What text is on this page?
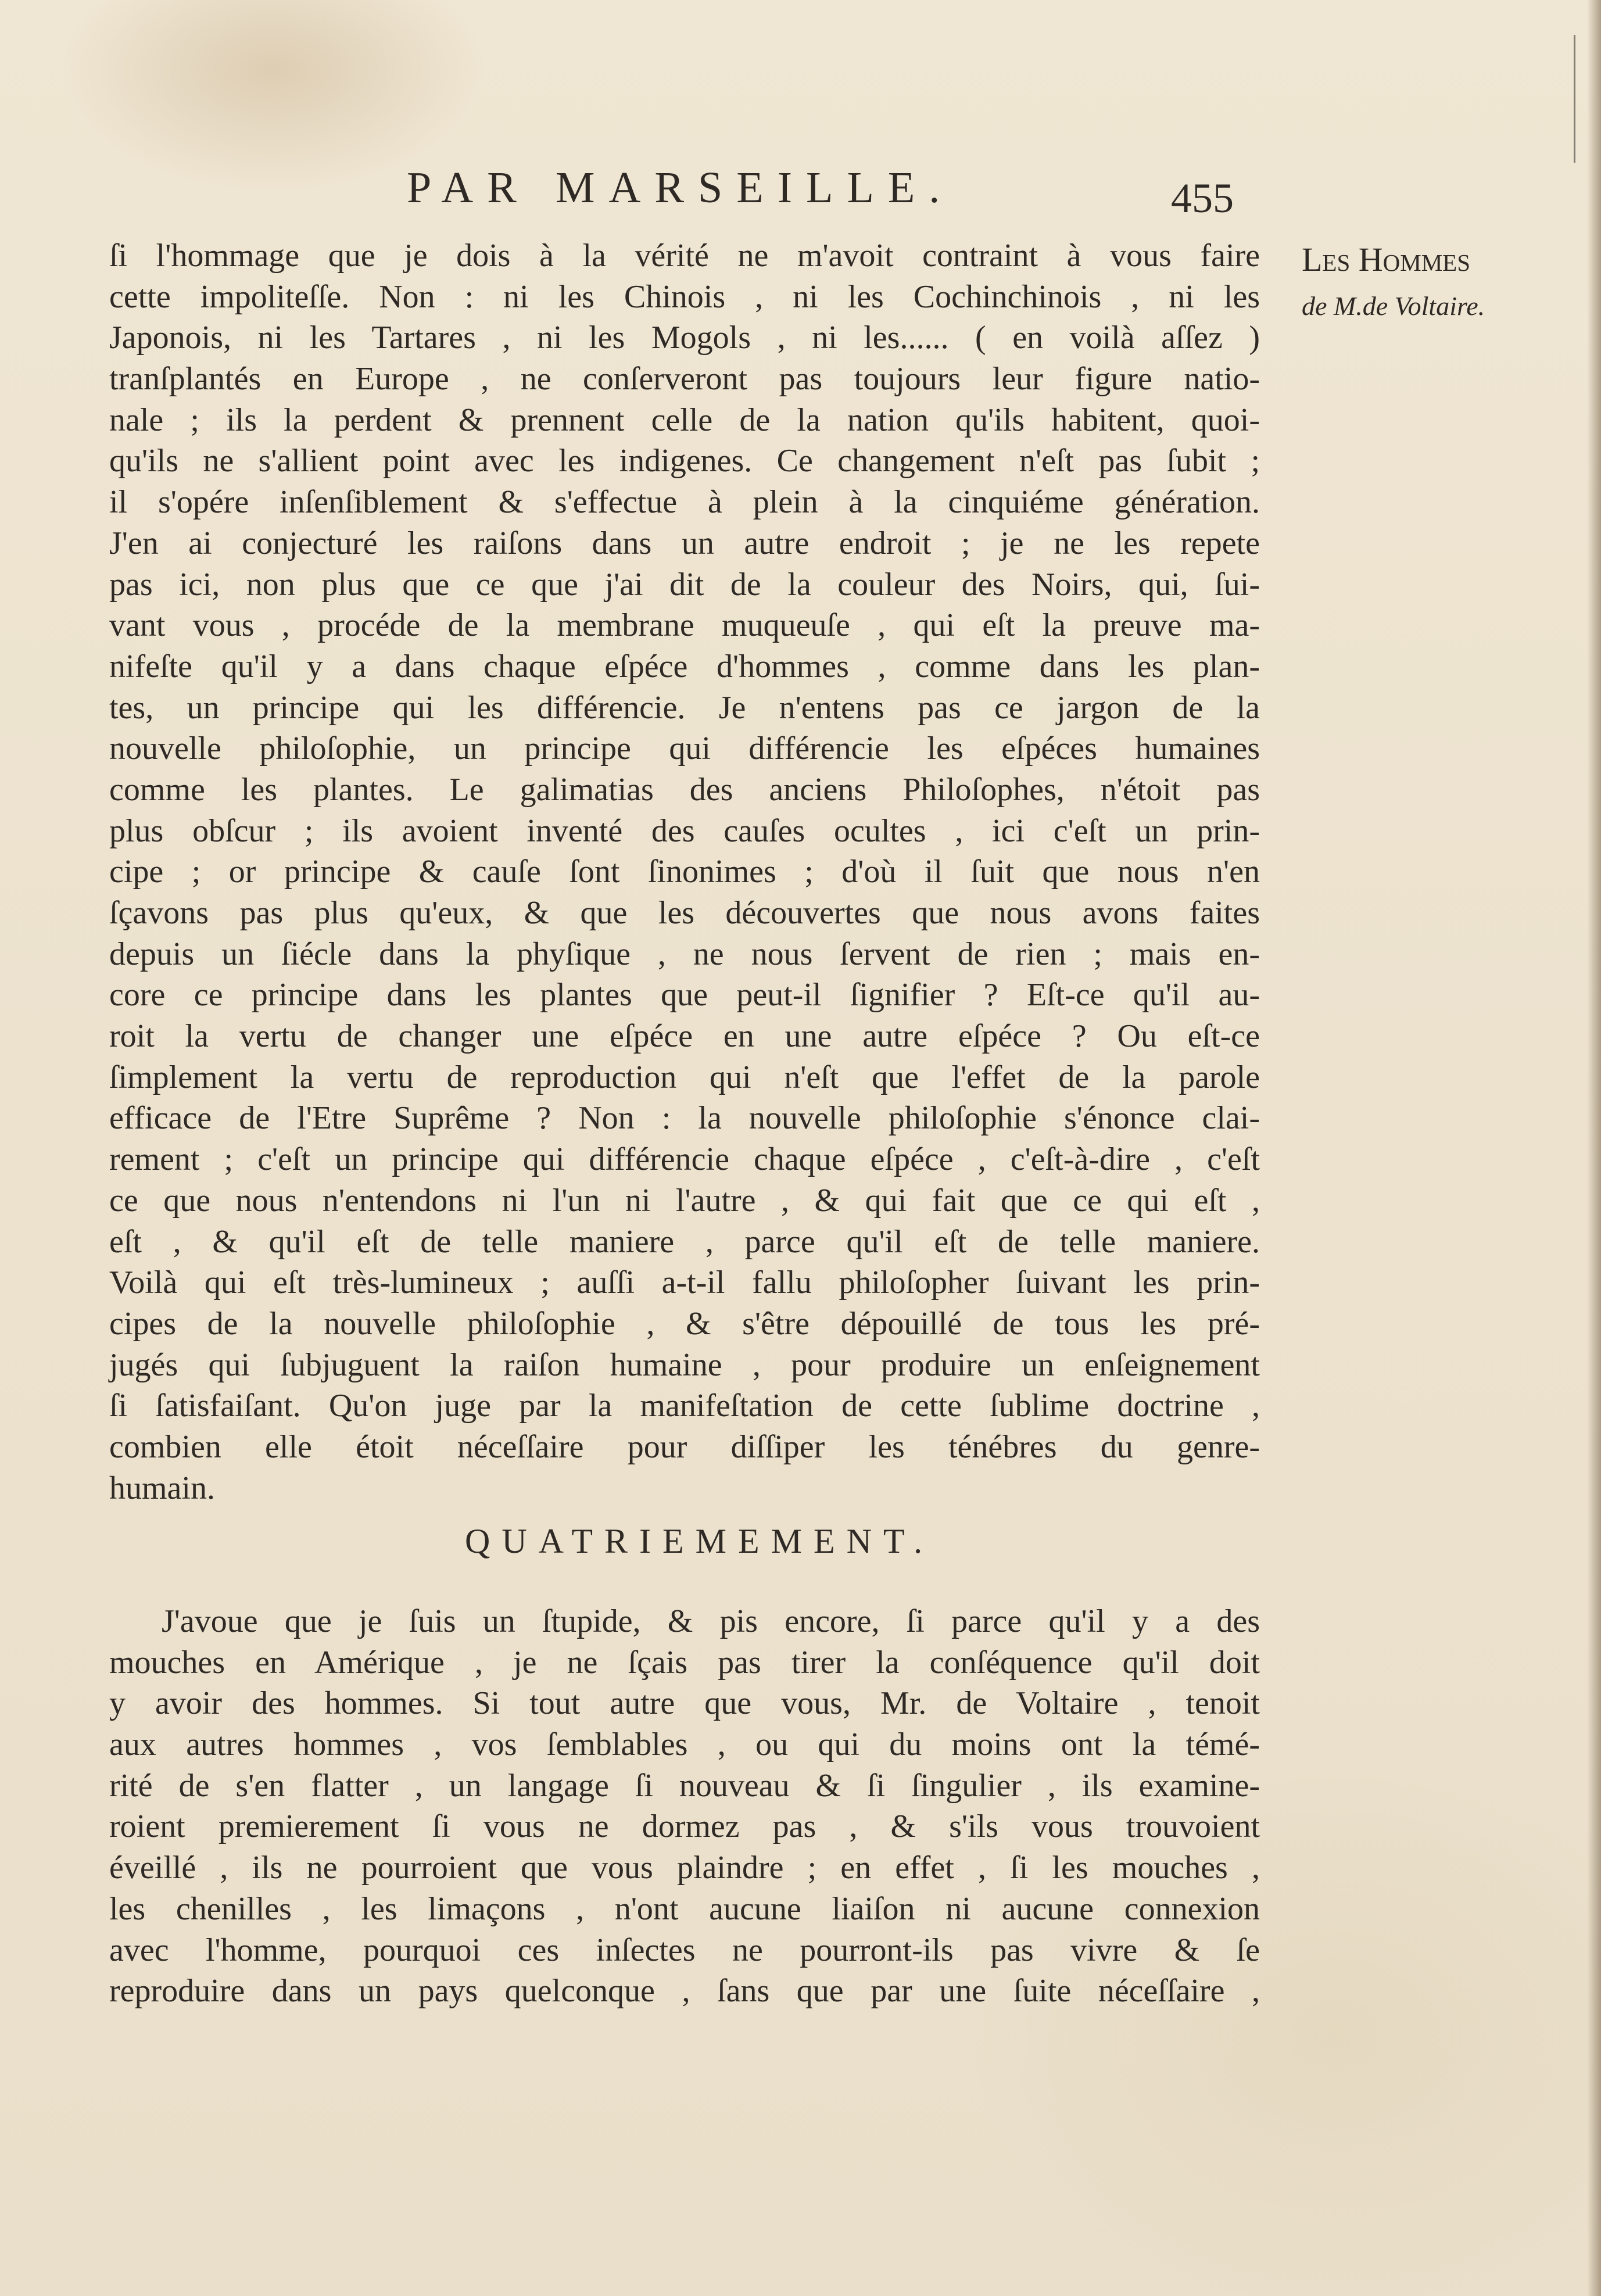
PAR MARSEILLE.	455
Les Hommes
de M.de Voltaire.
ſi l'hommage que je dois à la vérité ne m'avoit contraint à vous faire
cette impoliteſſe. Non : ni les Chinois , ni les Cochinchinois , ni les
Japonois, ni les Tartares , ni les Mogols , ni les...... ( en voilà aſſez )
tranſplantés en Europe , ne conſerveront pas toujours leur figure natio-
nale ; ils la perdent & prennent celle de la nation qu'ils habitent, quoi-
qu'ils ne s'allient point avec les indigenes. Ce changement n'eſt pas ſubit ;
il s'opére inſenſiblement & s'effectue à plein à la cinquiéme génération.
J'en ai conjecturé les raiſons dans un autre endroit ; je ne les repete
pas ici, non plus que ce que j'ai dit de la couleur des Noirs, qui, ſui-
vant vous , procéde de la membrane muqueuſe , qui eſt la preuve ma-
nifeſte qu'il y a dans chaque eſpéce d'hommes , comme dans les plan-
tes, un principe qui les différencie. Je n'entens pas ce jargon de la
nouvelle philoſophie, un principe qui différencie les eſpéces humaines
comme les plantes. Le galimatias des anciens Philoſophes, n'étoit pas
plus obſcur ; ils avoient inventé des cauſes ocultes , ici c'eſt un prin-
cipe ; or principe & cauſe ſont ſinonimes ; d'où il ſuit que nous n'en
ſçavons pas plus qu'eux, & que les découvertes que nous avons faites
depuis un ſiécle dans la phyſique , ne nous ſervent de rien ; mais en-
core ce principe dans les plantes que peut-il ſignifier ? Eſt-ce qu'il au-
roit la vertu de changer une eſpéce en une autre eſpéce ? Ou eſt-ce
ſimplement la vertu de reproduction qui n'eſt que l'effet de la parole
efficace de l'Etre Suprême ? Non : la nouvelle philoſophie s'énonce clai-
rement ; c'eſt un principe qui différencie chaque eſpéce , c'eſt-à-dire , c'eſt
ce que nous n'entendons ni l'un ni l'autre , & qui fait que ce qui eſt ,
eſt , & qu'il eſt de telle maniere , parce qu'il eſt de telle maniere.
Voilà qui eſt très-lumineux ; auſſi a-t-il fallu philoſopher ſuivant les prin-
cipes de la nouvelle philoſophie , & s'être dépouillé de tous les pré-
jugés qui ſubjuguent la raiſon humaine , pour produire un enſeignement
ſi ſatisfaiſant. Qu'on juge par la manifeſtation de cette ſublime doctrine ,
combien elle étoit néceſſaire pour diſſiper les ténébres du genre-
humain.
QUATRIEMEMENT.
J'avoue que je ſuis un ſtupide, & pis encore, ſi parce qu'il y a des
mouches en Amérique , je ne ſçais pas tirer la conſéquence qu'il doit
y avoir des hommes. Si tout autre que vous, Mr. de Voltaire , tenoit
aux autres hommes , vos ſemblables , ou qui du moins ont la témé-
rité de s'en flatter , un langage ſi nouveau & ſi ſingulier , ils examine-
roient premierement ſi vous ne dormez pas , & s'ils vous trouvoient
éveillé , ils ne pourroient que vous plaindre ; en effet , ſi les mouches ,
les chenilles , les limaçons , n'ont aucune liaiſon ni aucune connexion
avec l'homme, pourquoi ces inſectes ne pourront-ils pas vivre & ſe
reproduire dans un pays quelconque , ſans que par une ſuite néceſſaire ,
